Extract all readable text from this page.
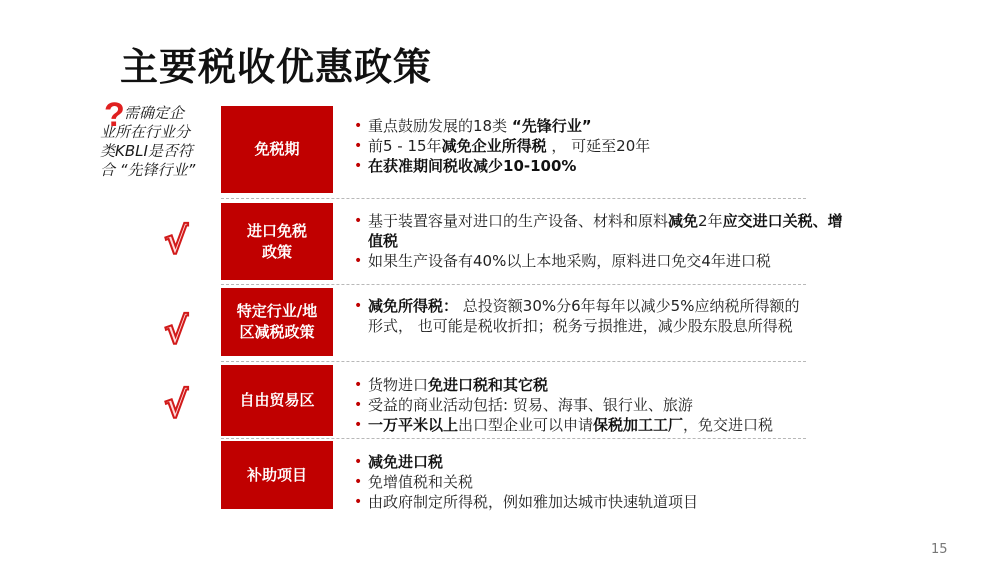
主要税收优惠政策
? 需确定企
业所在行业分
类KBLI是否符
合 “先锋行业”
√
√
√
免税期
• 重点鼓励发展的18类 “先锋行业”
• 前5 - 15年减免企业所得税 ， 可延至20年
• 在获准期间税收减少10-100%
进口免税
政策
• 基于装置容量对进口的生产设备、材料和原料减免2年应交进口关税、增值税
• 如果生产设备有40%以上本地采购，原料进口免交4年进口税
特定行业/地
区减税政策
• 减免所得税： 总投资额30%分6年每年以减少5%应纳税所得额的形式， 也可能是税收折扣；税务亏损推进，减少股东股息所得税
自由贸易区
• 货物进口免进口税和其它税
• 受益的商业活动包括: 贸易、海事、银行业、旅游
• 一万平米以上出口型企业可以申请保税加工工厂，免交进口税
补助项目
• 减免进口税
• 免增值税和关税
• 由政府制定所得税，例如雅加达城市快速轨道项目
15
